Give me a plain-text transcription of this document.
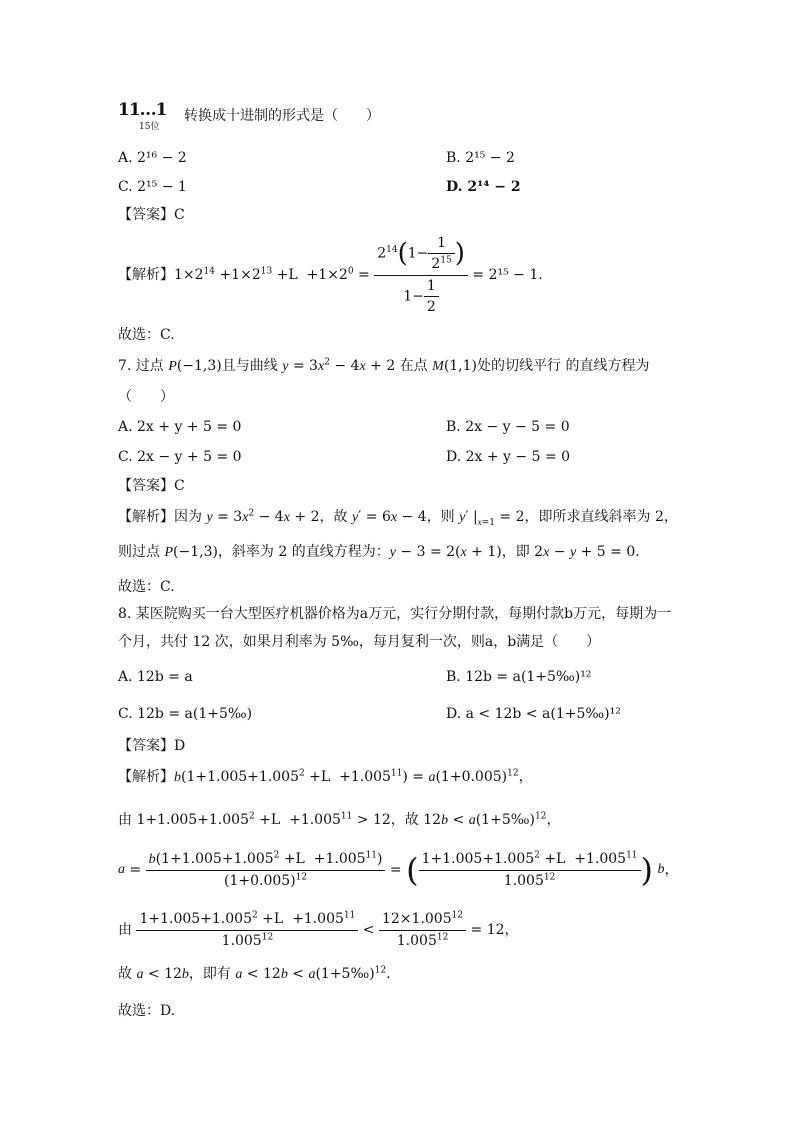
11…1
15位
转换成十进制的形式是（　　）
A. 2¹⁶ − 2	B. 2¹⁵ − 2
C. 2¹⁵ − 1	D. 2¹⁴ − 2
【答案】C
【解析】 $1\times 2^{14} +1\times 2^{13} +L +1\times 2^0 = \frac{2^{14}(1- \frac{1}{2^{15}} )}{1- \frac{1}{2}} = 2^{15} - 1$.
故选：C.
7. 过点 P(−1,3)且与曲线 $y = 3x^2 - 4x + 2$ 在点 M(1,1)处的切线平行 的直线方程为
（　　）
A. 2x + y + 5 = 0	B. 2x − y − 5 = 0
C. 2x − y + 5 = 0	D. 2x + y − 5 = 0
【答案】C
【解析】因为 $y = 3x^2 - 4x + 2$，故 y′ = 6x − 4，则 y′ $|_{x=1} = 2$，即所求直线斜率为 2，
则过点 P(−1,3)，斜率为 2 的直线方程为：y − 3 = 2(x + 1)，即 2x − y + 5 = 0.
故选：C.
8. 某医院购买一台大型医疗机器价格为a万元，实行分期付款，每期付款b万元，每期为一
个月，共付 12 次，如果月利率为 5‰，每月复利一次，则a，b满足（　　）
A. 12b = a	B. 12b = a(1+5‰)¹²
C. 12b = a(1+5‰)	D. a < 12b < a(1+5‰)¹²
【答案】D
【解析】$b(1+1.005+1.005^2 +L +1.005^{11}) = a(1+0.005)^{12}$，
由 $1+1.005+1.005^2 +L +1.005^{11} > 12$，故 12b < a(1+5‰)$^{12}$，
$a = \frac{b(1+1.005+1.005^2 +L +1.005^{11})}{(1+0.005)^{12}}$ = ( $\frac{1+1.005+1.005^2 +L +1.005^{11}}{1.005^{12}}$ )
b ，
由 $\frac{1+1.005+1.005^2 +L +1.005^{11}}{1.005^{12}} < \frac{12\times 1.005^{12}}{1.005^{12}} = 12$，
故 a < 12b，即有 a < 12b < a(1+5‰)$^{12}$.
故选：D.
